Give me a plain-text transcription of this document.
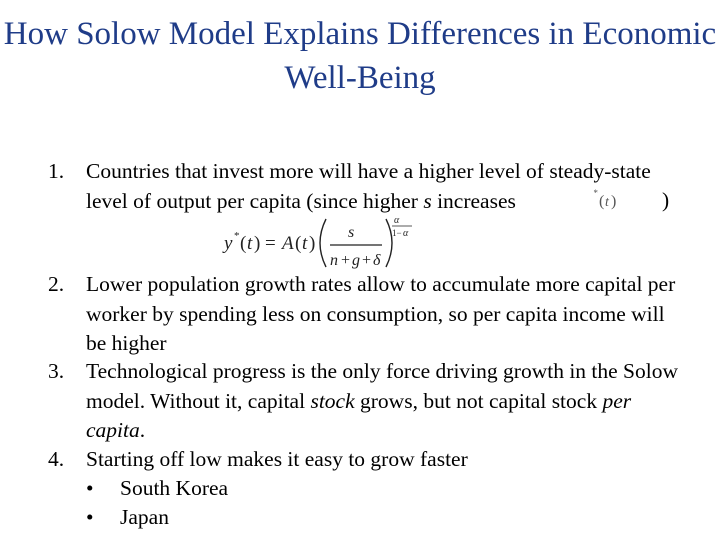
How Solow Model Explains Differences in Economic Well-Being
1. Countries that invest more will have a higher level of steady-state level of output per capita (since higher s increases	* ( t ) )
y * ( t ) = A ( t )
s
n + g + δ
α
1− α
2. Lower population growth rates allow to accumulate more capital per worker by spending less on consumption, so per capita income will be higher
3. Technological progress is the only force driving growth in the Solow model. Without it, capital stock grows, but not capital stock per capita.
4. Starting off low makes it easy to grow faster
• South Korea
• Japan
